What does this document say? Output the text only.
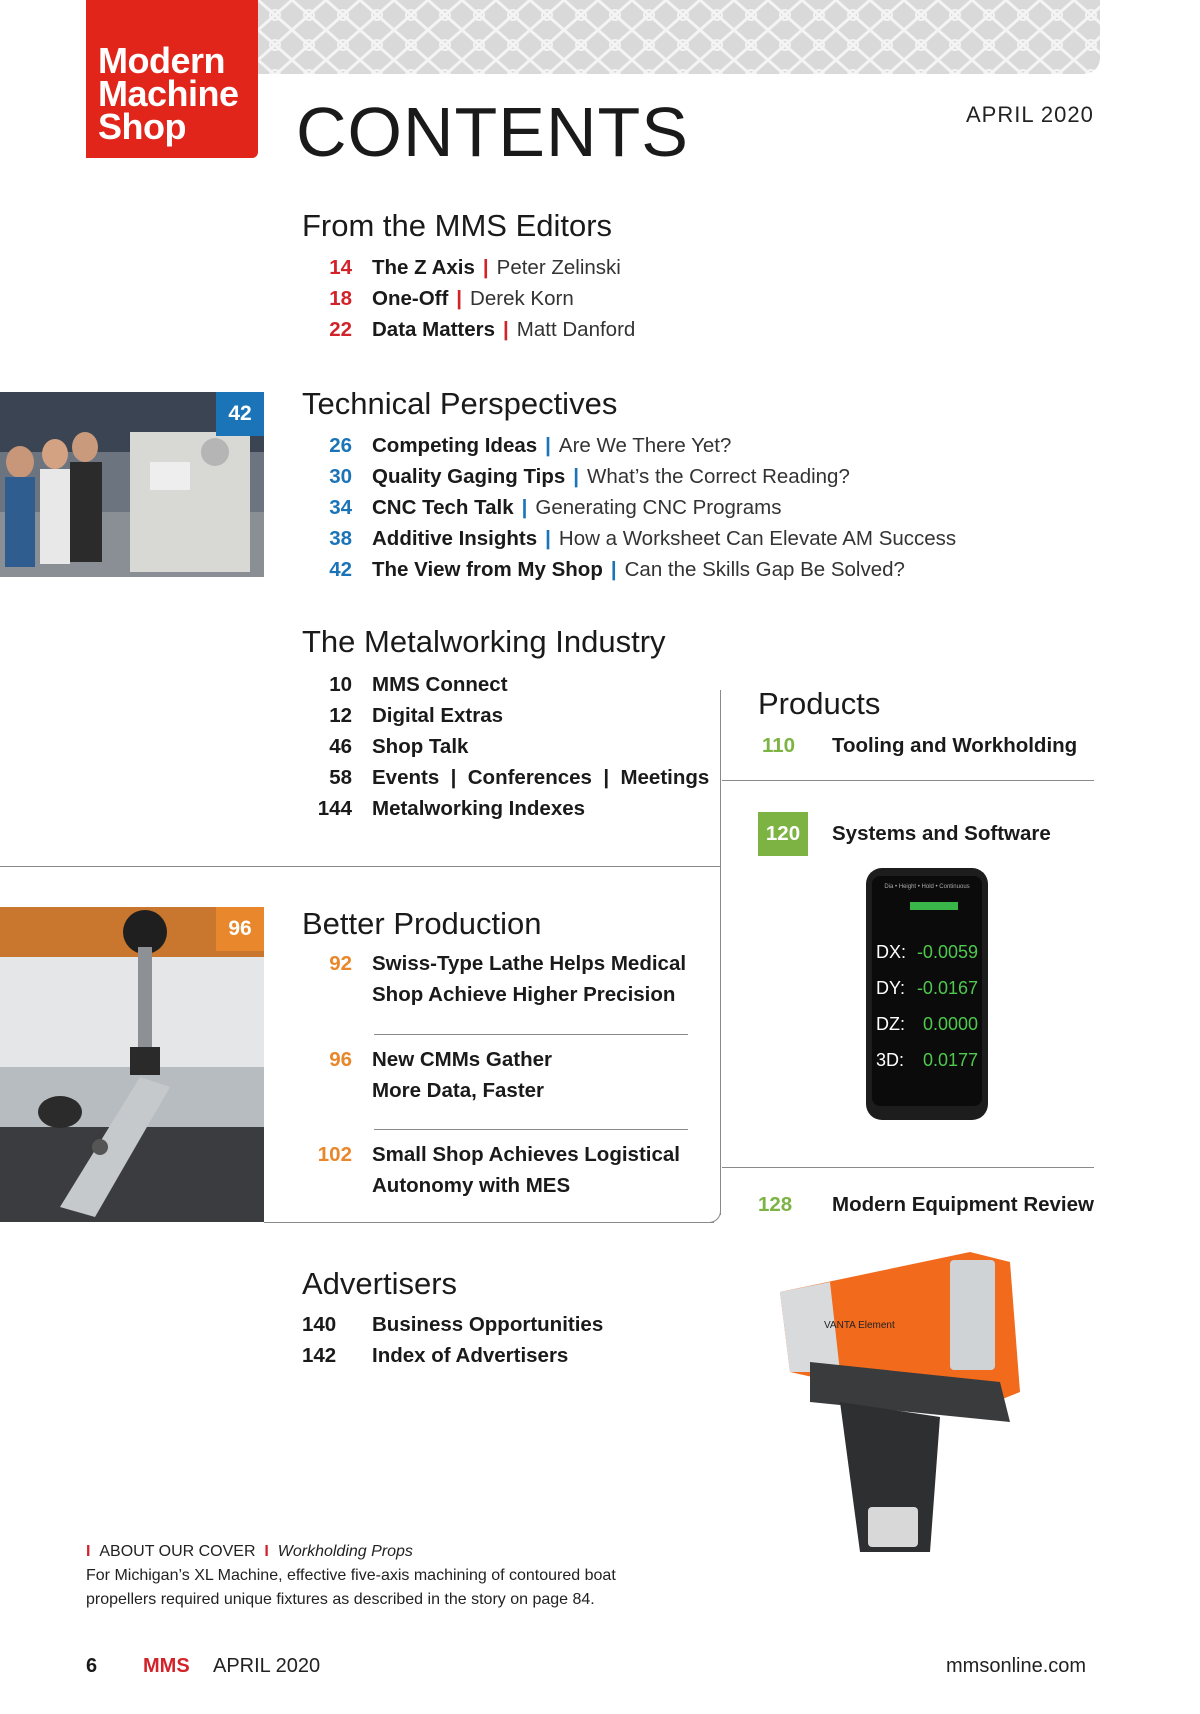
Modern
Machine
Shop	CONTENTS	APRIL 2020
From the MMS Editors
14 The Z Axis | Peter Zelinski
18 One-Off | Derek Korn
22 Data Matters | Matt Danford
42	Technical Perspectives
26 Competing Ideas | Are We There Yet?
30 Quality Gaging Tips | What’s the Correct Reading?
34 CNC Tech Talk | Generating CNC Programs
38 Additive Insights | How a Worksheet Can Elevate AM Success
42 The View from My Shop | Can the Skills Gap Be Solved?
The Metalworking Industry
10 MMS Connect
12 Digital Extras
46 Shop Talk
58 Events  |  Conferences  |  Meetings
144 Metalworking Indexes
96	Better Production
92 Swiss-Type Lathe Helps Medical
Shop Achieve Higher Precision
96 New CMMs Gather
More Data, Faster
102 Small Shop Achieves Logistical
Autonomy with MES
Advertisers
140 Business Opportunities
142 Index of Advertisers
Products
110 Tooling and Workholding
120	Systems and Software
Dia • Height • Hold • Continuous
DX: -0.0059
DY: -0.0167
DZ: 0.0000
3D: 0.0177
128 Modern Equipment Review
VANTA Element
I ABOUT OUR COVER I Workholding Props
For Michigan’s XL Machine, effective five-axis machining of contoured boat
propellers required unique fixtures as described in the story on page 84.
6 MMS APRIL 2020	mmsonline.com
